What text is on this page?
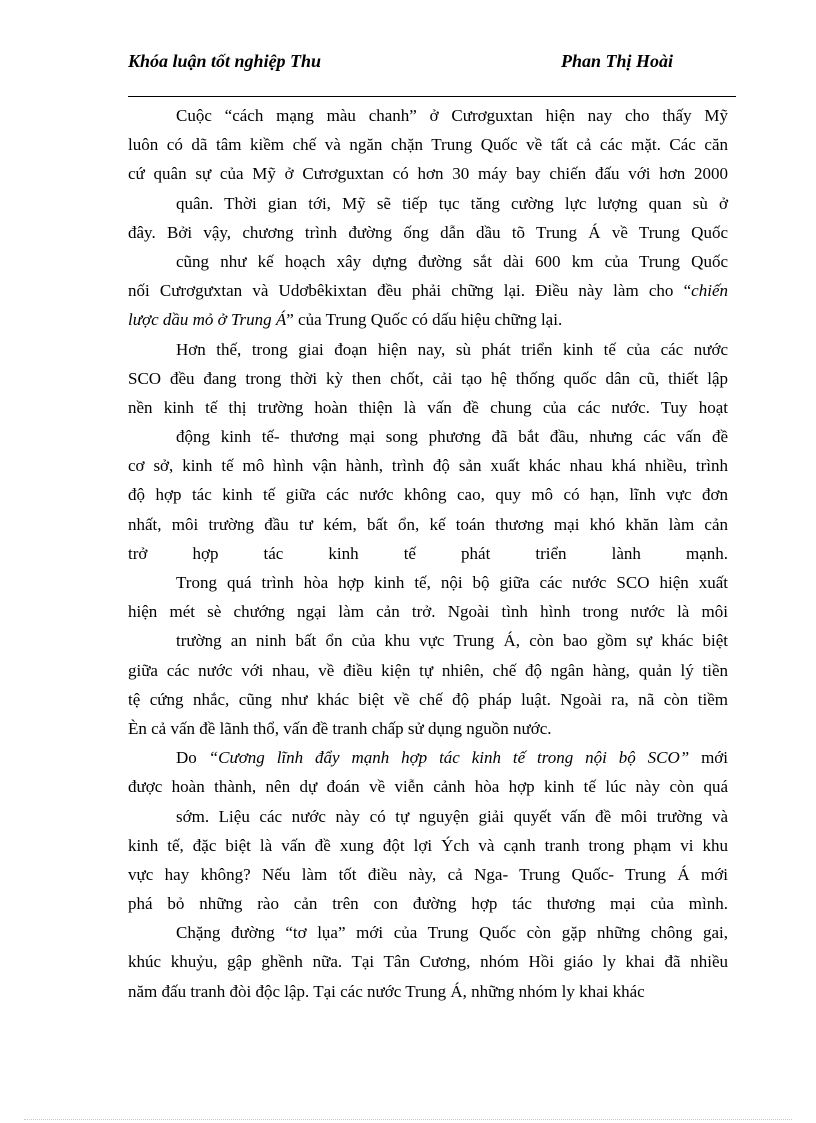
Khóa luận tốt nghiệp Thu	Phan Thị Hoài
Cuộc “cách mạng màu chanh” ở Cưrơguxtan hiện nay cho thấy Mỹ
luôn có dã tâm kiềm chế và ngăn chặn Trung Quốc về tất cả các mặt. Các căn
cứ quân sự của Mỹ ở Cưrơguxtan có hơn 30 máy bay chiến đấu với hơn 2000
quân. Thời gian tới, Mỹ sẽ tiếp tục tăng cường lực lượng quan sù ở
đây. Bởi vậy, chương trình đường ống dẫn dầu tõ Trung Á về Trung Quốc
cũng như kế hoạch xây dựng đường sắt dài 600 km của Trung Quốc
nối Cưrơgưxtan và Udơbêkixtan đều phải chững lại. Điều này làm cho “chiến
lược dầu mỏ ở Trung Á” của Trung Quốc có dấu hiệu chững lại.
Hơn thế, trong giai đoạn hiện nay, sù phát triển kinh tế của các nước
SCO đều đang trong thời kỳ then chốt, cải tạo hệ thống quốc dân cũ, thiết lập
nền kinh tế thị trường hoàn thiện là vấn đề chung của các nước. Tuy hoạt
động kinh tế- thương mại song phương đã bắt đầu, nhưng các vấn đề
cơ sở, kinh tế mô hình vận hành, trình độ sản xuất khác nhau khá nhiều, trình
độ hợp tác kinh tế giữa các nước không cao, quy mô có hạn, lĩnh vực đơn
nhất, môi trường đầu tư kém, bất ổn, kế toán thương mại khó khăn làm cản
trở hợp tác kinh tế phát triển lành mạnh.
Trong quá trình hòa hợp kinh tế, nội bộ giữa các nước SCO hiện xuất
hiện mét sè chướng ngại làm cản trở. Ngoài tình hình trong nước là môi
trường an ninh bất ổn của khu vực Trung Á, còn bao gồm sự khác biệt
giữa các nước với nhau, về điều kiện tự nhiên, chế độ ngân hàng, quản lý tiền
tệ cứng nhắc, cũng như khác biệt về chế độ pháp luật. Ngoài ra, nã còn tiềm
Èn cả vấn đề lãnh thổ, vấn đề tranh chấp sử dụng nguồn nước.
Do “Cương lĩnh đẩy mạnh hợp tác kinh tế trong nội bộ SCO” mới
được hoàn thành, nên dự đoán về viễn cảnh hòa hợp kinh tế lúc này còn quá
sớm. Liệu các nước này có tự nguyện giải quyết vấn đề môi trường và
kinh tế, đặc biệt là vấn đề xung đột lợi Ých và cạnh tranh trong phạm vi khu
vực hay không? Nếu làm tốt điều này, cả Nga- Trung Quốc- Trung Á mới
phá bỏ những rào cản trên con đường hợp tác thương mại của mình.
Chặng đường “tơ lụa” mới của Trung Quốc còn gặp những chông gai,
khúc khuỷu, gập ghềnh nữa. Tại Tân Cương, nhóm Hồi giáo ly khai đã nhiều
năm đấu tranh đòi độc lập. Tại các nước Trung Á, những nhóm ly khai khác
